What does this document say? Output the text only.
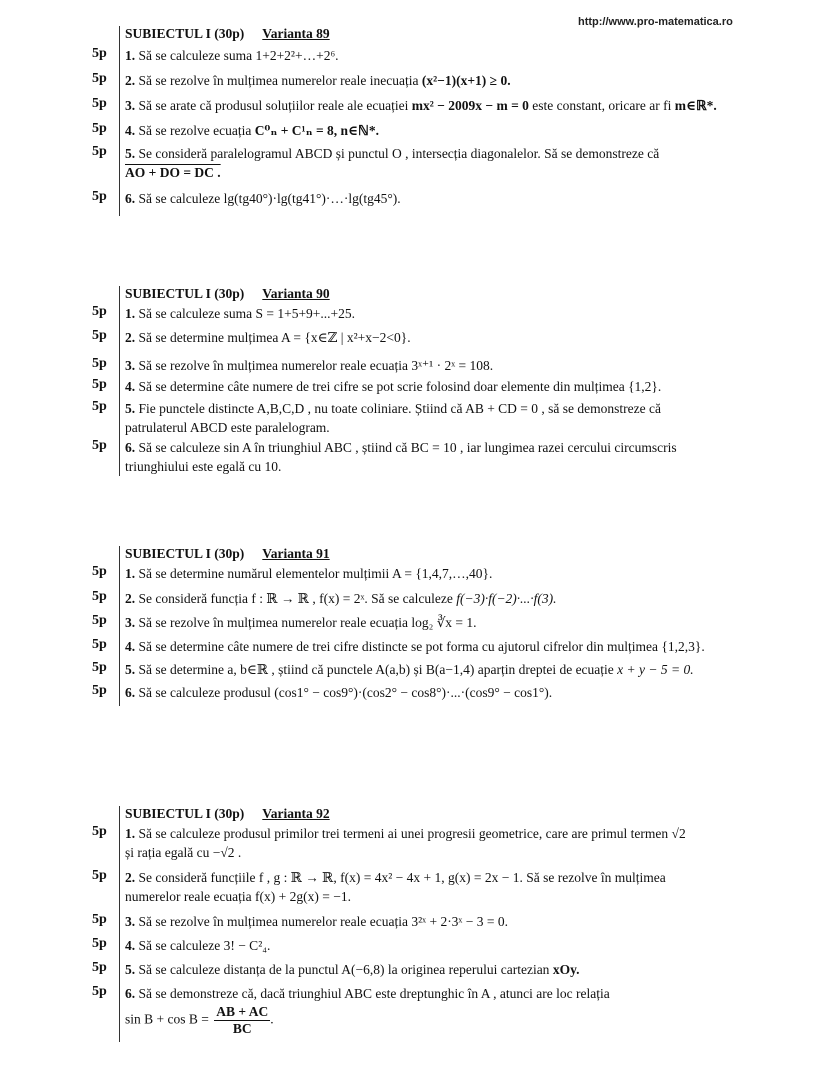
http://www.pro-matematica.ro
SUBIECTUL I (30p) Varianta 89
5p 1. Să se calculeze suma 1+2+2²+…+2⁶.
5p 2. Să se rezolve în mulțimea numerelor reale inecuația (x²−1)(x+1) ≥ 0.
5p 3. Să se arate că produsul soluțiilor reale ale ecuației mx² − 2009x − m = 0 este constant, oricare ar fi m∈ℝ*.
5p 4. Să se rezolve ecuația C⁰ₙ + C¹ₙ = 8, n∈ℕ*.
5p 5. Se consideră paralelogramul ABCD și punctul O , intersecția diagonalelor. Să se demonstreze că
AO + DO = DC .
5p 6. Să se calculeze lg(tg40°)·lg(tg41°)·…·lg(tg45°).
SUBIECTUL I (30p) Varianta 90
5p 1. Să se calculeze suma S = 1+5+9+...+25.
5p 2. Să se determine mulțimea A = {x∈ℤ | x²+x−2<0}.
5p 3. Să se rezolve în mulțimea numerelor reale ecuația 3ˣ⁺¹ · 2ˣ = 108.
5p 4. Să se determine câte numere de trei cifre se pot scrie folosind doar elemente din mulțimea {1,2}.
5p 5. Fie punctele distincte A,B,C,D , nu toate coliniare. Știind că AB + CD = 0 , să se demonstreze că
patrulaterul ABCD este paralelogram.
5p 6. Să se calculeze sin A în triunghiul ABC , știind că BC = 10 , iar lungimea razei cercului circumscris
triunghiului este egală cu 10.
SUBIECTUL I (30p) Varianta 91
5p 1. Să se determine numărul elementelor mulțimii A = {1,4,7,…,40}.
5p 2. Se consideră funcția f : ℝ → ℝ , f(x) = 2ˣ. Să se calculeze f(−3)·f(−2)·...·f(3).
5p 3. Să se rezolve în mulțimea numerelor reale ecuația log₂ ∛x = 1.
5p 4. Să se determine câte numere de trei cifre distincte se pot forma cu ajutorul cifrelor din mulțimea {1,2,3}.
5p 5. Să se determine a, b∈ℝ , știind că punctele A(a,b) și B(a−1,4) aparțin dreptei de ecuație x + y − 5 = 0.
5p 6. Să se calculeze produsul (cos1° − cos9°)·(cos2° − cos8°)·...·(cos9° − cos1°).
SUBIECTUL I (30p) Varianta 92
5p 1. Să se calculeze produsul primilor trei termeni ai unei progresii geometrice, care are primul termen √2
și rația egală cu −√2 .
5p 2. Se consideră funcțiile f , g : ℝ → ℝ, f(x) = 4x² − 4x + 1, g(x) = 2x − 1. Să se rezolve în mulțimea
numerelor reale ecuația f(x) + 2g(x) = −1.
5p 3. Să se rezolve în mulțimea numerelor reale ecuația 3²ˣ + 2·3ˣ − 3 = 0.
5p 4. Să se calculeze 3! − C²₄.
5p 5. Să se calculeze distanța de la punctul A(−6,8) la originea reperului cartezian xOy.
5p 6. Să se demonstreze că, dacă triunghiul ABC este dreptunghic în A , atunci are loc relația
$\sin B + \cos B = \frac{AB + AC}{BC}$ .
